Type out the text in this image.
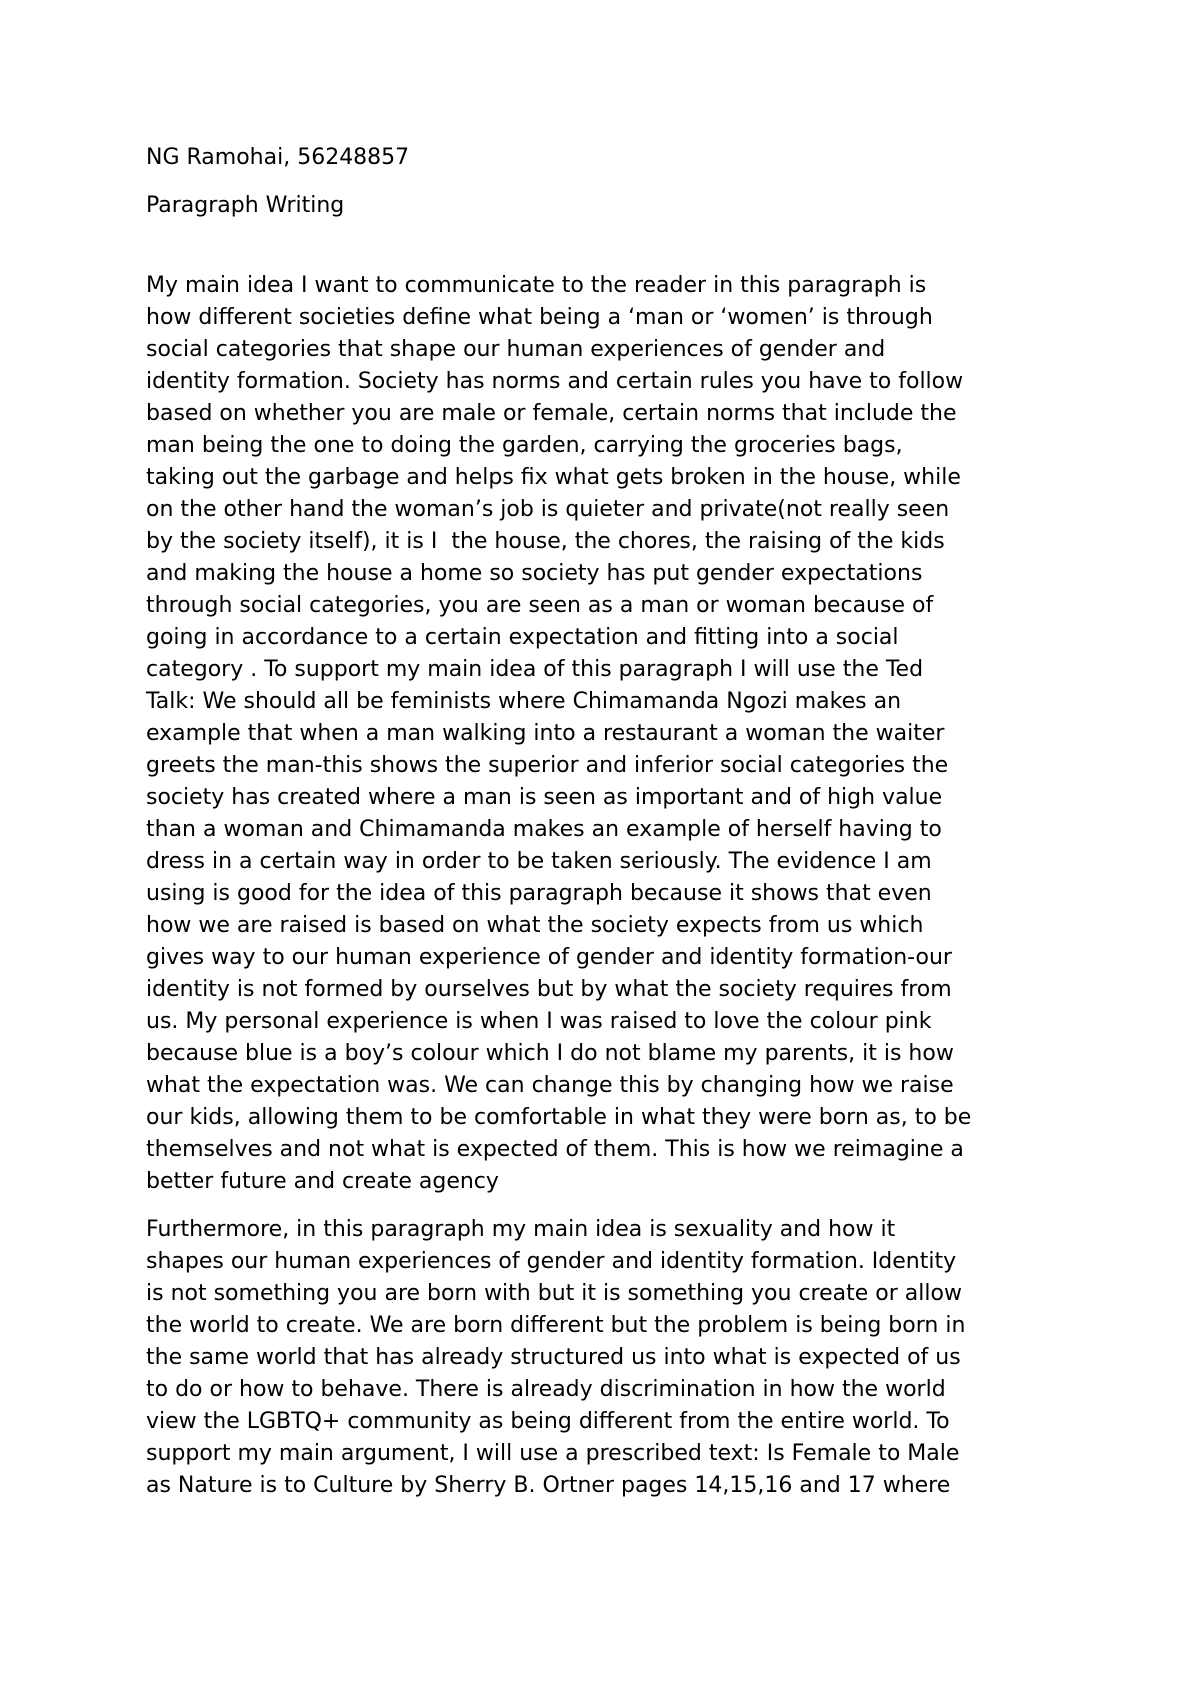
NG Ramohai, 56248857

Paragraph Writing

My main idea I want to communicate to the reader in this paragraph is
how different societies define what being a ‘man or ‘women’ is through
social categories that shape our human experiences of gender and
identity formation. Society has norms and certain rules you have to follow
based on whether you are male or female, certain norms that include the
man being the one to doing the garden, carrying the groceries bags,
taking out the garbage and helps fix what gets broken in the house, while
on the other hand the woman’s job is quieter and private(not really seen
by the society itself), it is I  the house, the chores, the raising of the kids
and making the house a home so society has put gender expectations
through social categories, you are seen as a man or woman because of
going in accordance to a certain expectation and fitting into a social
category . To support my main idea of this paragraph I will use the Ted
Talk: We should all be feminists where Chimamanda Ngozi makes an
example that when a man walking into a restaurant a woman the waiter
greets the man-this shows the superior and inferior social categories the
society has created where a man is seen as important and of high value
than a woman and Chimamanda makes an example of herself having to
dress in a certain way in order to be taken seriously. The evidence I am
using is good for the idea of this paragraph because it shows that even
how we are raised is based on what the society expects from us which
gives way to our human experience of gender and identity formation-our
identity is not formed by ourselves but by what the society requires from
us. My personal experience is when I was raised to love the colour pink
because blue is a boy’s colour which I do not blame my parents, it is how
what the expectation was. We can change this by changing how we raise
our kids, allowing them to be comfortable in what they were born as, to be
themselves and not what is expected of them. This is how we reimagine a
better future and create agency
Furthermore, in this paragraph my main idea is sexuality and how it
shapes our human experiences of gender and identity formation. Identity
is not something you are born with but it is something you create or allow
the world to create. We are born different but the problem is being born in
the same world that has already structured us into what is expected of us
to do or how to behave. There is already discrimination in how the world
view the LGBTQ+ community as being different from the entire world. To
support my main argument, I will use a prescribed text: Is Female to Male
as Nature is to Culture by Sherry B. Ortner pages 14,15,16 and 17 where
